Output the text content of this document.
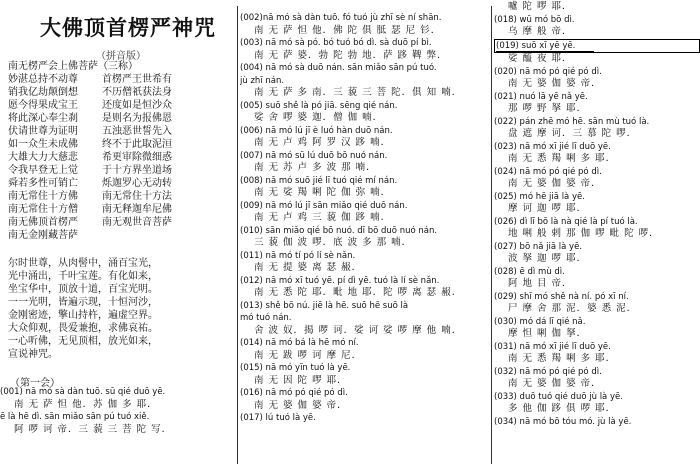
大佛顶首楞严神咒
（拼音版）
南无楞严会上佛菩萨（三称）
妙湛总持不动尊	首楞严王世希有
销我亿劫颠倒想	不历僧祇获法身
愿今得果成宝王	还度如是恒沙众
将此深心奉尘刹	是则名为报佛恩
伏请世尊为证明	五浊恶世誓先入
如一众生未成佛	终不于此取泥洹
大雄大力大慈悲	希更审除微细惑
令我早登无上觉	于十方界坐道场
舜若多性可销亡	烁迦罗心无动转
南无常住十方佛	南无常住十方法
南无常住十方僧	南无释迦牟尼佛
南无佛顶首楞严	南无观世音菩萨
南无金刚藏菩萨
尔时世尊，从肉髻中，涌百宝光，
光中涌出，千叶宝莲。有化如来，
坐宝华中，顶放十道，百宝光明。
一一光明，皆遍示现，十恒河沙，
金刚密迹，擎山持杵，遍虚空界。
大众仰观，畏爱兼抱，求佛哀祐。
一心听佛，无见顶相，放光如来，
宣说神咒。
（第一会）
(001) nā mó sà dàn tuō. sū qié duō yē.
南 无 萨 怛 他．苏 伽 多 耶．
ē là hē dì. sān miǎo sān pú tuó xiě.
阿 啰 诃 帝．三 藐 三 菩 陀 写．
(002)nā mó sà dàn tuō. fó tuó jù zhī sè ní shān.
南 无 萨 怛 他．佛 陀 俱 胝 瑟 尼 钐．
(003) nā mó sà pó. bó tuó bó dì. sà duō pí bì.
南 无 萨 婆．勃 陀 勃 地．萨 跢 鞞 弊．
(004) nā mó sà duō nán. sān miǎo sān pú tuó.
jù zhī nán.
南 无 萨 多 南．三 藐 三 菩 陀．俱 知 喃．
(005) suō shě là pó jiā. sēng qié nán.
娑 舍 啰 婆 迦．僧 伽 喃．
(006) nā mó lú jī è luó hàn duō nán.
南 无 卢 鸡 阿 罗 汉 跢 喃．
(007) nā mó sū lú duō bō nuó nán.
南 无 苏 卢 多 波 那 喃．
(008) nā mó suō jié lī tuó qié mí nán.
南 无 娑 羯 唎 陀 伽 弥 喃．
(009) nā mó lú jī sān miǎo qié duō nán.
南 无 卢 鸡 三 藐 伽 跢 喃．
(010) sān miǎo qié bō nuó. dī bō duō nuó nán.
三 藐 伽 波 啰．底 波 多 那 喃．
(011) nā mó tí pó lí sè nǎn.
南 无 提 婆 离 瑟 赧．
(012) nā mó xī tuó yē. pí dì yē. tuó là lí sè nǎn.
南 无 悉 陀 耶．毗 地 耶．陀 啰 离 瑟 赧．
(013) shě bō nú. jiē là hē. suō hē suō là
mó tuó nán.
舍 波 奴．揭 啰 诃．娑 诃 娑 啰 摩 他 喃．
(014) nā mó bá là hē mó ní.
南 无 跋 啰 诃 摩 尼．
(015) nā mó yīn tuó là yē.
南 无 因 陀 啰 耶．
(016) nā mó pó qié pó dì.
南 无 婆 伽 婆 帝．
(017) lú tuó là yē.
嚧 陀 啰 耶．
(018) wū mó bō dì.
乌 摩 般 帝．
(019) suō xī yē yē.
娑 醯 夜 耶．
(020) nā mó pó qié pó dì.
南 无 婆 伽 婆 帝．
(021) nuó lā yē nǎ yē.
那 啰 野 拏 耶．
(022) pán zhē mó hē. sān mù tuó là.
盘 遮 摩 诃．三 慕 陀 啰．
(023) nā mó xī jié lī duō yē.
南 无 悉 羯 唎 多 耶．
(024) nā mó pó qié pó dì.
南 无 婆 伽 婆 帝．
(025) mó hē jiā là yē.
摩 诃 迦 啰 耶．
(026) dì lī bō là nà qié là pí tuó là.
地 唎 般 剌 那 伽 啰 毗 陀 啰．
(027) bō nǎ jiā là yē.
波 拏 迦 啰 耶．
(028) ē dì mù dì.
阿 地 目 帝．
(029) shī mó shě nà ní. pó xī ní.
尸 摩 舍 那 泥．婆 悉 泥．
(030) mó dá lī qié nǎ.
摩 怛 唎 伽 拏．
(031) nā mó xī jié lī duō yē.
南 无 悉 羯 唎 多 耶．
(032) nā mó pó qié pó dì.
南 无 婆 伽 婆 帝．
(033) duō tuó qié duō jù là yē.
多 他 伽 跢 俱 啰 耶．
(034) nā mó bō tóu mó. jù là yē.
